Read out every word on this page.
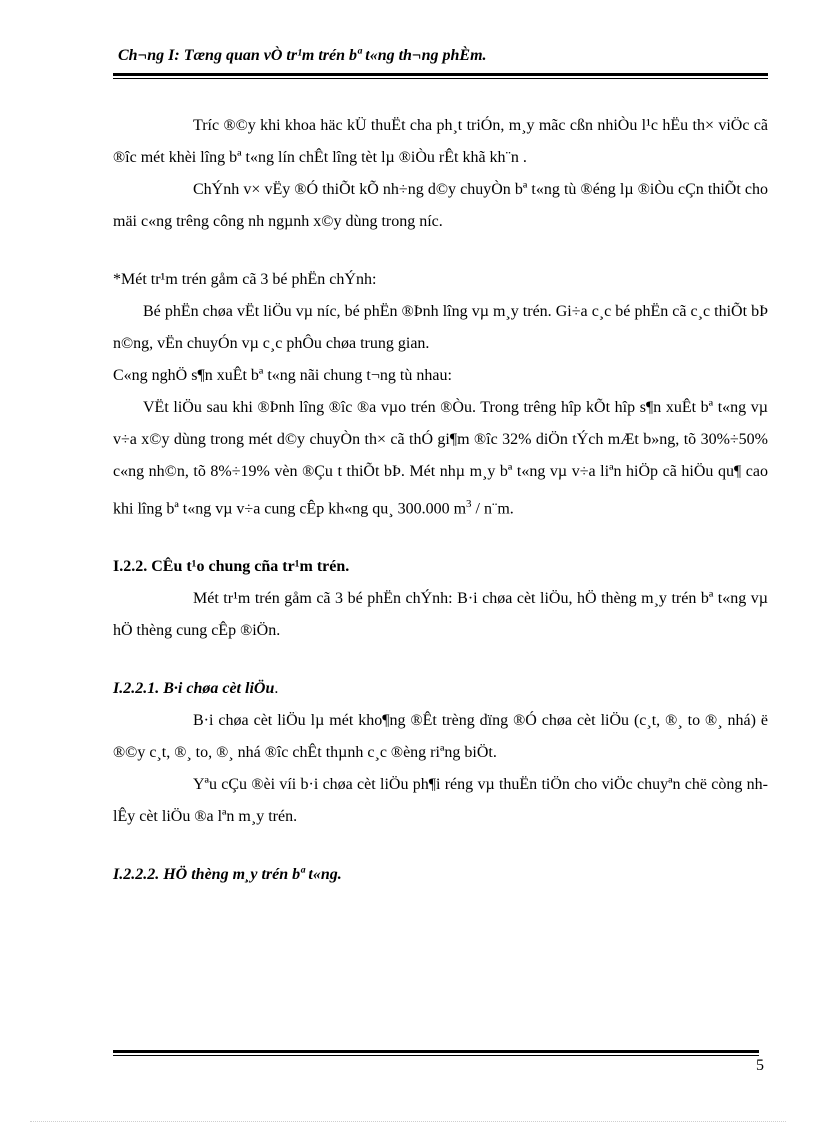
Ch¬ng I: Tæng quan vÒ tr¹m trén bª t«ng th¬ng phÈm.

Tríc ®©y khi khoa häc kÜ thuËt cha ph¸t triÓn, m¸y mãc cßn nhiÒu l¹c hËu th× viÖc cã ®îc mét khèi lîng bª t«ng lín chÊt lîng tèt lµ ®iÒu rÊt khã kh¨n .

ChÝnh v× vËy ®Ó thiÕt kÕ nh÷ng d©y chuyÒn bª t«ng tù ®éng lµ ®iÒu cÇn thiÕt cho mäi c«ng trêng công nh ngµnh x©y dùng trong níc.

*Mét tr¹m trén gåm cã 3 bé phËn chÝnh:

Bé phËn chøa vËt liÖu vµ níc, bé phËn ®Þnh lîng vµ m¸y trén. Gi÷a c¸c bé phËn cã c¸c thiÕt bÞ n©ng, vËn chuyÓn vµ c¸c phÔu chøa trung gian.

C«ng nghÖ s¶n xuÊt bª t«ng nãi chung t¬ng tù nhau:

VËt liÖu sau khi ®Þnh lîng ®îc ®a vµo trén ®Òu. Trong trêng hîp kÕt hîp s¶n xuÊt bª t«ng vµ v÷a x©y dùng trong mét d©y chuyÒn th× cã thÓ gi¶m ®îc 32% diÖn tÝch mÆt b»ng, tõ 30%÷50% c«ng nh©n, tõ 8%÷19% vèn ®Çu t thiÕt bÞ. Mét nhµ m¸y bª t«ng vµ v÷a liªn hiÖp cã hiÖu qu¶ cao khi lîng bª t«ng vµ v÷a cung cÊp kh«ng qu¸ 300.000 $m^3$ / n¨m.

I.2.2. CÊu t¹o chung cña tr¹m trén.

Mét tr¹m trén gåm cã 3 bé phËn chÝnh: B·i chøa cèt liÖu, hÖ thèng m¸y trén bª t«ng vµ hÖ thèng cung cÊp ®iÖn.

I.2.2.1. B·i chøa cèt liÖu.

B·i chøa cèt liÖu lµ mét kho¶ng ®Êt trèng dïng ®Ó chøa cèt liÖu (c¸t, ®¸ to ®¸ nhá) ë ®©y c¸t, ®¸ to, ®¸ nhá ®îc chÊt thµnh c¸c ®èng riªng biÖt.

Yªu cÇu ®èi víi b·i chøa cèt liÖu ph¶i réng vµ thuËn tiÖn cho viÖc chuyªn chë còng nh lÊy cèt liÖu ®a lªn m¸y trén.

I.2.2.2. HÖ thèng m¸y trén bª t«ng.

5
